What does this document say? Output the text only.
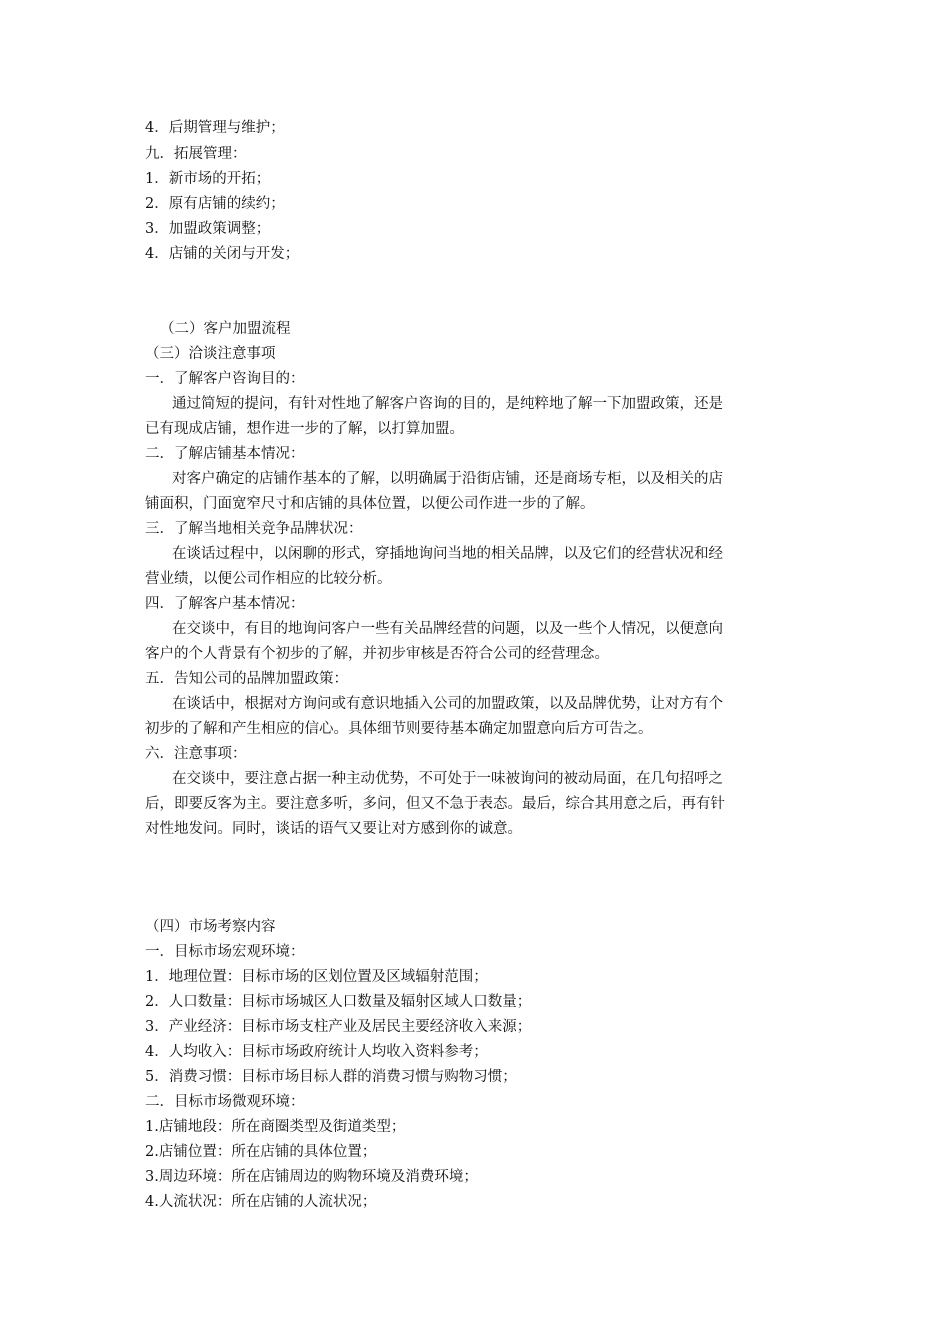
4．后期管理与维护；
九．拓展管理：
1．新市场的开拓；
2．原有店铺的续约；
3．加盟政策调整；
4．店铺的关闭与开发；
（二）客户加盟流程
（三）洽谈注意事项
一．了解客户咨询目的：
通过简短的提问，有针对性地了解客户咨询的目的，是纯粹地了解一下加盟政策，还是
已有现成店铺，想作进一步的了解，以打算加盟。
二．了解店铺基本情况：
对客户确定的店铺作基本的了解，以明确属于沿街店铺，还是商场专柜，以及相关的店
铺面积，门面宽窄尺寸和店铺的具体位置，以便公司作进一步的了解。
三．了解当地相关竞争品牌状况：
在谈话过程中，以闲聊的形式，穿插地询问当地的相关品牌，以及它们的经营状况和经
营业绩，以便公司作相应的比较分析。
四．了解客户基本情况：
在交谈中，有目的地询问客户一些有关品牌经营的问题，以及一些个人情况，以便意向
客户的个人背景有个初步的了解，并初步审核是否符合公司的经营理念。
五．告知公司的品牌加盟政策：
在谈话中，根据对方询问或有意识地插入公司的加盟政策，以及品牌优势，让对方有个
初步的了解和产生相应的信心。具体细节则要待基本确定加盟意向后方可告之。
六．注意事项：
在交谈中，要注意占据一种主动优势，不可处于一味被询问的被动局面，在几句招呼之
后，即要反客为主。要注意多听，多问，但又不急于表态。最后，综合其用意之后，再有针
对性地发问。同时，谈话的语气又要让对方感到你的诚意。
（四）市场考察内容
一．目标市场宏观环境：
1．地理位置：目标市场的区划位置及区域辐射范围；
2．人口数量：目标市场城区人口数量及辐射区域人口数量；
3．产业经济：目标市场支柱产业及居民主要经济收入来源；
4．人均收入：目标市场政府统计人均收入资料参考；
5．消费习惯：目标市场目标人群的消费习惯与购物习惯；
二．目标市场微观环境：
1.店铺地段：所在商圈类型及街道类型；
2.店铺位置：所在店铺的具体位置；
3.周边环境：所在店铺周边的购物环境及消费环境；
4.人流状况：所在店铺的人流状况；
